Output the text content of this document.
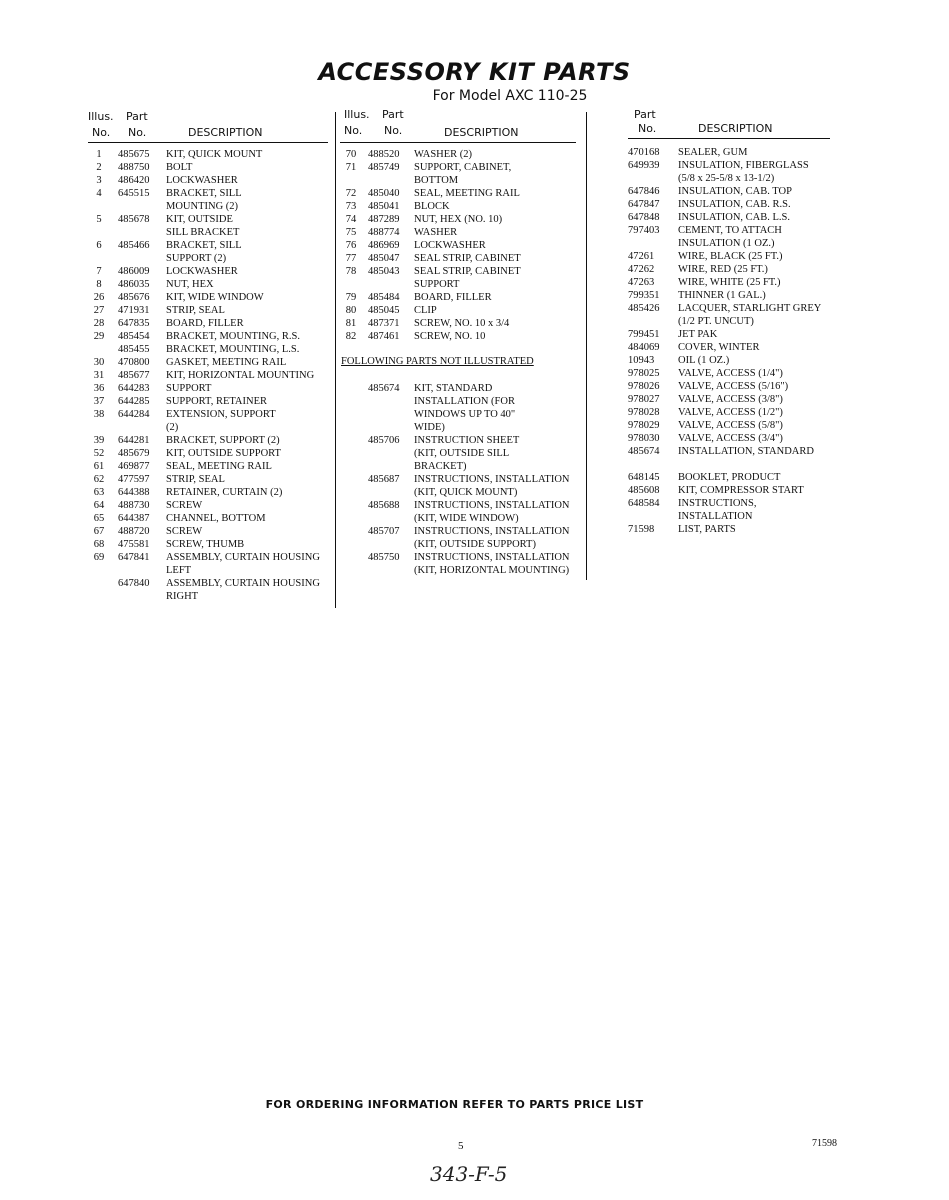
ACCESSORY KIT PARTS
For Model AXC 110-25
Illus.
No.
Part
No.	DESCRIPTION
1	485675	KIT, QUICK MOUNT
2	488750	BOLT
3	486420	LOCKWASHER
4	645515	BRACKET, SILL
MOUNTING (2)
5	485678	KIT, OUTSIDE
SILL BRACKET
6	485466	BRACKET, SILL
SUPPORT (2)
7	486009	LOCKWASHER
8	486035	NUT, HEX
26	485676	KIT, WIDE WINDOW
27	471931	STRIP, SEAL
28	647835	BOARD, FILLER
29	485454	BRACKET, MOUNTING, R.S.
485455	BRACKET, MOUNTING, L.S.
30	470800	GASKET, MEETING RAIL
31	485677	KIT, HORIZONTAL MOUNTING
36	644283	SUPPORT
37	644285	SUPPORT, RETAINER
38	644284	EXTENSION, SUPPORT
(2)
39	644281	BRACKET, SUPPORT (2)
52	485679	KIT, OUTSIDE SUPPORT
61	469877	SEAL, MEETING RAIL
62	477597	STRIP, SEAL
63	644388	RETAINER, CURTAIN (2)
64	488730	SCREW
65	644387	CHANNEL, BOTTOM
67	488720	SCREW
68	475581	SCREW, THUMB
69	647841	ASSEMBLY, CURTAIN HOUSING
LEFT
647840	ASSEMBLY, CURTAIN HOUSING
RIGHT
Illus.
No.
Part
No.	DESCRIPTION
70	488520	WASHER (2)
71	485749	SUPPORT, CABINET,
BOTTOM
72	485040	SEAL, MEETING RAIL
73	485041	BLOCK
74	487289	NUT, HEX (NO. 10)
75	488774	WASHER
76	486969	LOCKWASHER
77	485047	SEAL STRIP, CABINET
78	485043	SEAL STRIP, CABINET
SUPPORT
79	485484	BOARD, FILLER
80	485045	CLIP
81	487371	SCREW, NO. 10 x 3/4
82	487461	SCREW, NO. 10
FOLLOWING PARTS NOT ILLUSTRATED
485674	KIT, STANDARD
INSTALLATION (FOR
WINDOWS UP TO 40"
WIDE)
485706	INSTRUCTION SHEET
(KIT, OUTSIDE SILL
BRACKET)
485687	INSTRUCTIONS, INSTALLATION
(KIT, QUICK MOUNT)
485688	INSTRUCTIONS, INSTALLATION
(KIT, WIDE WINDOW)
485707	INSTRUCTIONS, INSTALLATION
(KIT, OUTSIDE SUPPORT)
485750	INSTRUCTIONS, INSTALLATION
(KIT, HORIZONTAL MOUNTING)
Part
No.	DESCRIPTION
470168	SEALER, GUM
649939	INSULATION, FIBERGLASS
(5/8 x 25-5/8 x 13-1/2)
647846	INSULATION, CAB. TOP
647847	INSULATION, CAB. R.S.
647848	INSULATION, CAB. L.S.
797403	CEMENT, TO ATTACH
INSULATION (1 OZ.)
47261	WIRE, BLACK (25 FT.)
47262	WIRE, RED (25 FT.)
47263	WIRE, WHITE (25 FT.)
799351	THINNER (1 GAL.)
485426	LACQUER, STARLIGHT GREY
(1/2 PT. UNCUT)
799451	JET PAK
484069	COVER, WINTER
10943	OIL (1 OZ.)
978025	VALVE, ACCESS (1/4")
978026	VALVE, ACCESS (5/16")
978027	VALVE, ACCESS (3/8")
978028	VALVE, ACCESS (1/2")
978029	VALVE, ACCESS (5/8")
978030	VALVE, ACCESS (3/4")
485674	INSTALLATION, STANDARD
648145	BOOKLET, PRODUCT
485608	KIT, COMPRESSOR START
648584	INSTRUCTIONS,
INSTALLATION
71598	LIST, PARTS
FOR ORDERING INFORMATION REFER TO PARTS PRICE LIST
5	71598
343-F-5
